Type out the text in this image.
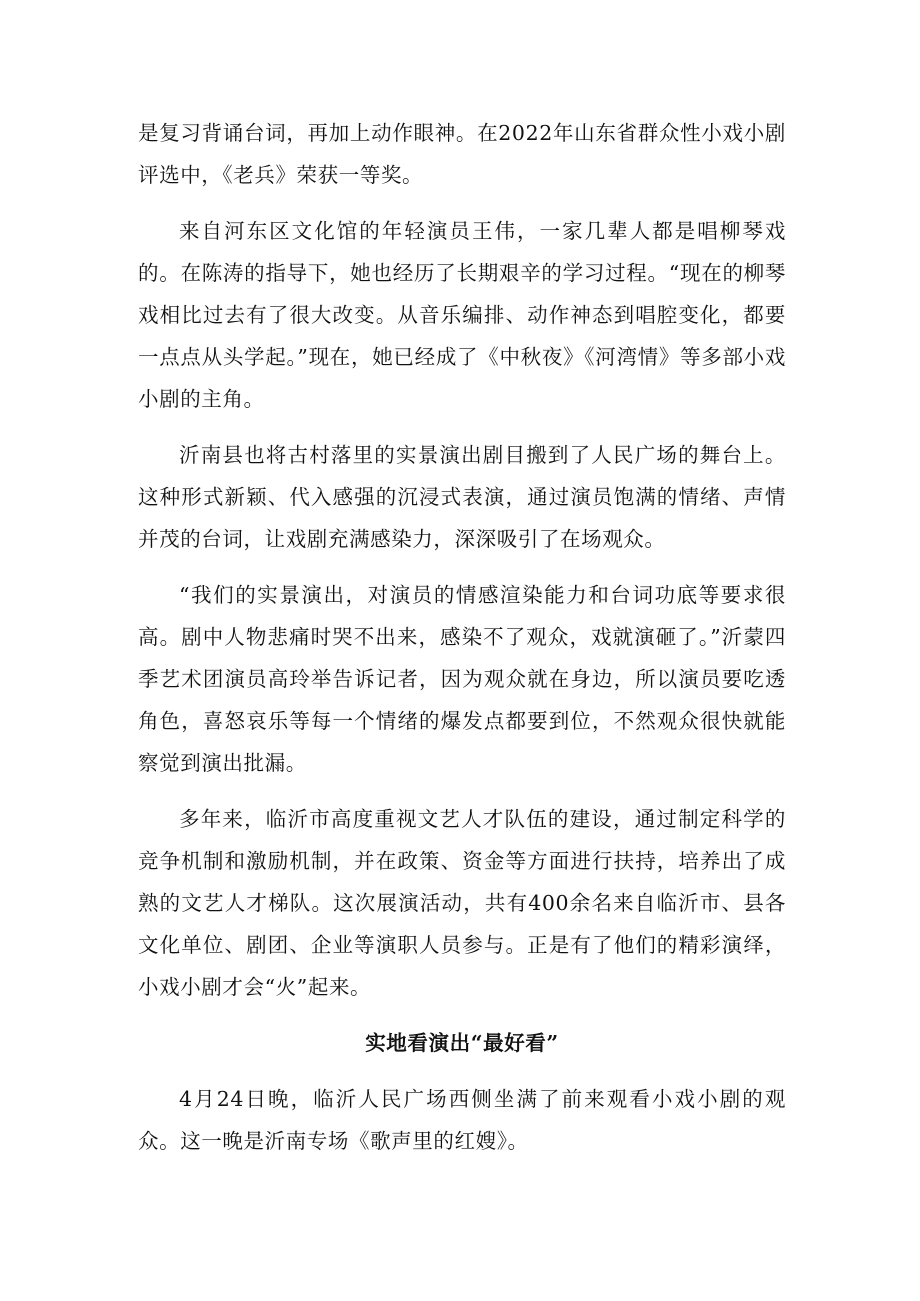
是复习背诵台词，再加上动作眼神。在2022年山东省群众性小戏小剧评选中，《老兵》荣获一等奖。

来自河东区文化馆的年轻演员王伟，一家几辈人都是唱柳琴戏的。在陈涛的指导下，她也经历了长期艰辛的学习过程。“现在的柳琴戏相比过去有了很大改变。从音乐编排、动作神态到唱腔变化，都要一点点从头学起。”现在，她已经成了《中秋夜》《河湾情》等多部小戏小剧的主角。

沂南县也将古村落里的实景演出剧目搬到了人民广场的舞台上。这种形式新颖、代入感强的沉浸式表演，通过演员饱满的情绪、声情并茂的台词，让戏剧充满感染力，深深吸引了在场观众。

“我们的实景演出，对演员的情感渲染能力和台词功底等要求很高。剧中人物悲痛时哭不出来，感染不了观众，戏就演砸了。”沂蒙四季艺术团演员高玲举告诉记者，因为观众就在身边，所以演员要吃透角色，喜怒哀乐等每一个情绪的爆发点都要到位，不然观众很快就能察觉到演出批漏。

多年来，临沂市高度重视文艺人才队伍的建设，通过制定科学的竞争机制和激励机制，并在政策、资金等方面进行扶持，培养出了成熟的文艺人才梯队。这次展演活动，共有400余名来自临沂市、县各文化单位、剧团、企业等演职人员参与。正是有了他们的精彩演绎，小戏小剧才会“火”起来。

实地看演出“最好看”

4月24日晚，临沂人民广场西侧坐满了前来观看小戏小剧的观众。这一晚是沂南专场《歌声里的红嫂》。
